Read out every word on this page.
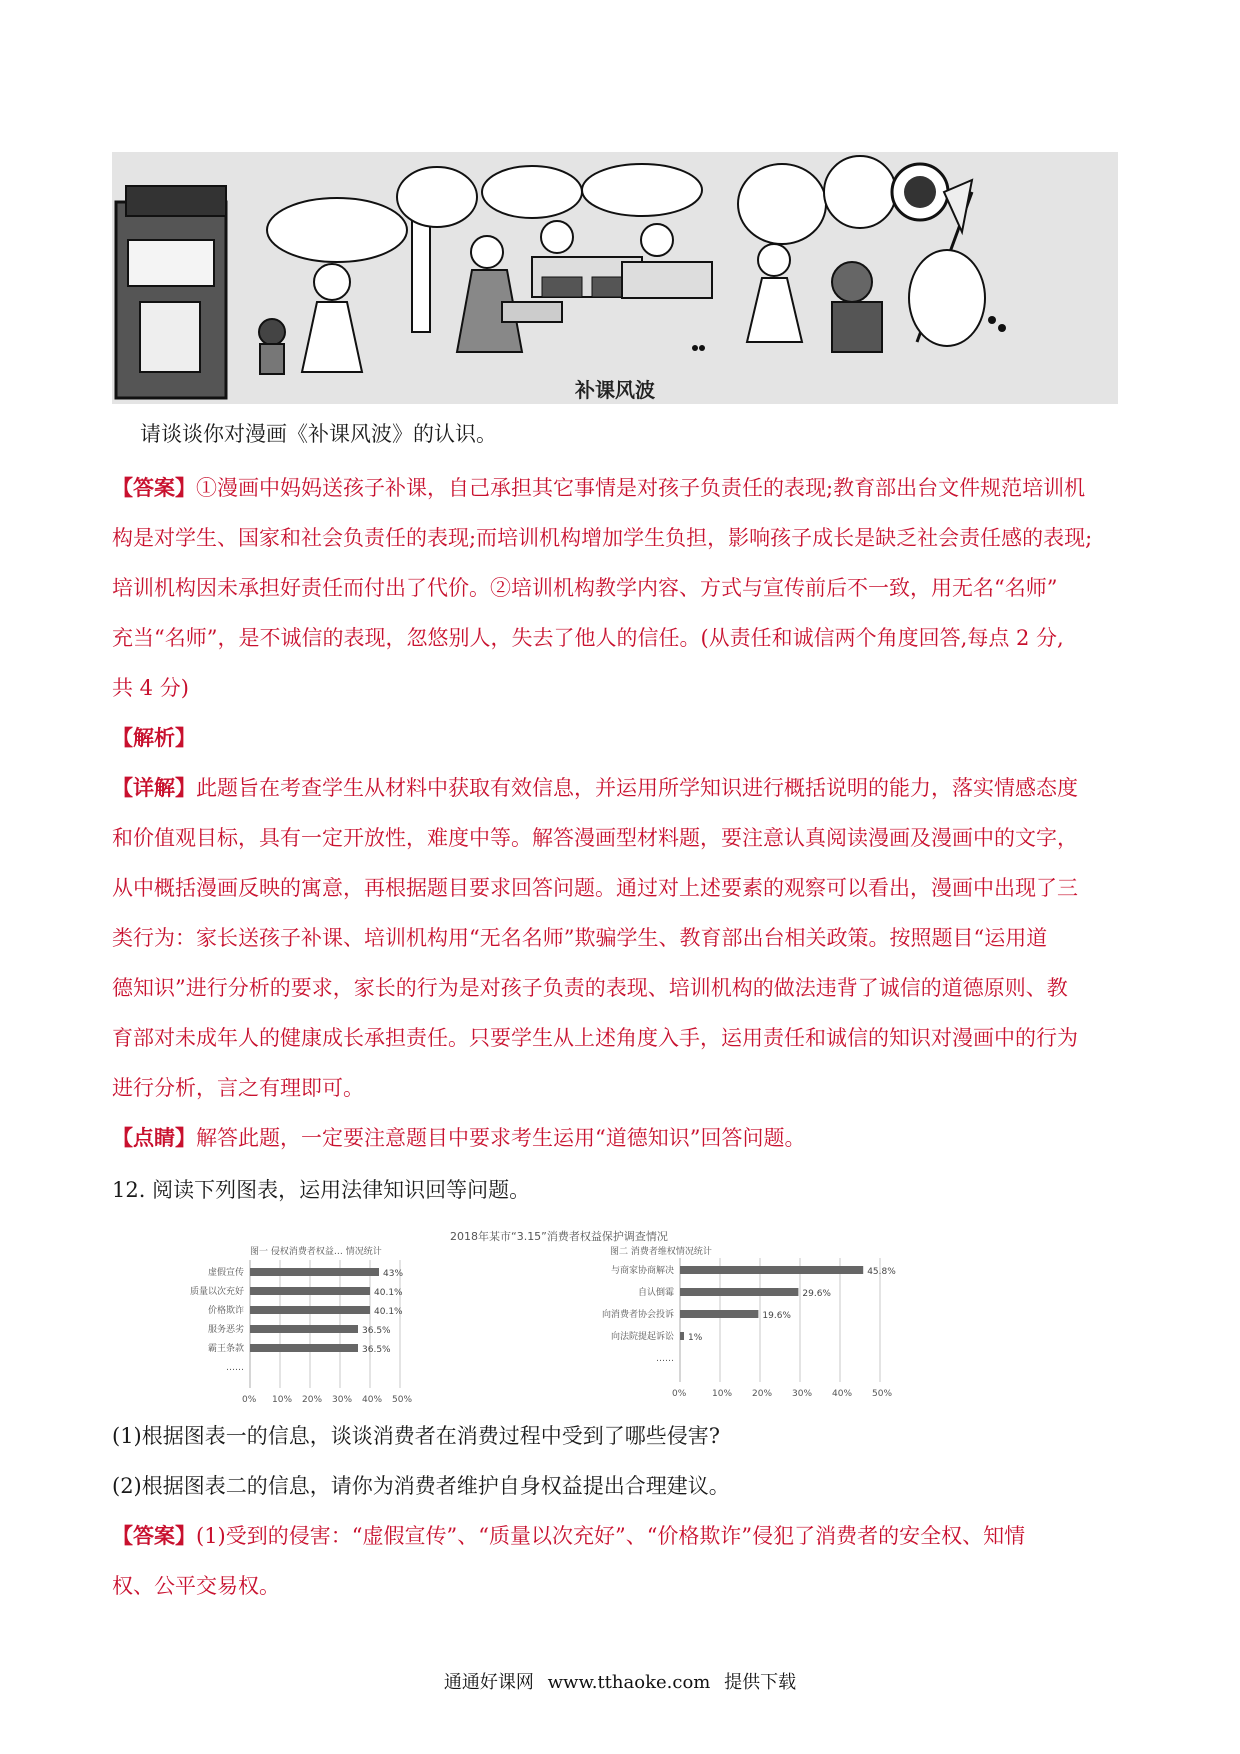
补课风波
请谈谈你对漫画《补课风波》的认识。
【答案】①漫画中妈妈送孩子补课，自己承担其它事情是对孩子负责任的表现;教育部出台文件规范培训机
构是对学生、国家和社会负责任的表现;而培训机构增加学生负担，影响孩子成长是缺乏社会责任感的表现;
培训机构因未承担好责任而付出了代价。②培训机构教学内容、方式与宣传前后不一致，用无名“名师”
充当“名师”，是不诚信的表现，忽悠别人，失去了他人的信任。(从责任和诚信两个角度回答,每点 2 分,
共 4 分)
【解析】
【详解】此题旨在考查学生从材料中获取有效信息，并运用所学知识进行概括说明的能力，落实情感态度
和价值观目标，具有一定开放性，难度中等。解答漫画型材料题，要注意认真阅读漫画及漫画中的文字，
从中概括漫画反映的寓意，再根据题目要求回答问题。通过对上述要素的观察可以看出，漫画中出现了三
类行为：家长送孩子补课、培训机构用“无名名师”欺骗学生、教育部出台相关政策。按照题目“运用道
德知识”进行分析的要求，家长的行为是对孩子负责的表现、培训机构的做法违背了诚信的道德原则、教
育部对未成年人的健康成长承担责任。只要学生从上述角度入手，运用责任和诚信的知识对漫画中的行为
进行分析，言之有理即可。
【点睛】解答此题，一定要注意题目中要求考生运用“道德知识”回答问题。
12. 阅读下列图表，运用法律知识回等问题。
2018年某市“3.15”消费者权益保护调查情况
图一 侵权消费者权益… 情况统计
0% 10% 20% 30% 40% 50%
虚假宣传	43%
质量以次充好	40.1%
价格欺诈	40.1%
服务恶劣	36.5%
霸王条款	36.5%
……
图二 消费者维权情况统计
0%	10% 20% 30% 40% 50%
与商家协商解决	45.8%
自认倒霉	29.6%
向消费者协会投诉	19.6%
向法院提起诉讼 1%
……
(1)根据图表一的信息，谈谈消费者在消费过程中受到了哪些侵害?
(2)根据图表二的信息，请你为消费者维护自身权益提出合理建议。
【答案】(1)受到的侵害：“虚假宣传”、“质量以次充好”、“价格欺诈”侵犯了消费者的安全权、知情
权、公平交易权。
通通好课网 www.tthaoke.com 提供下载
